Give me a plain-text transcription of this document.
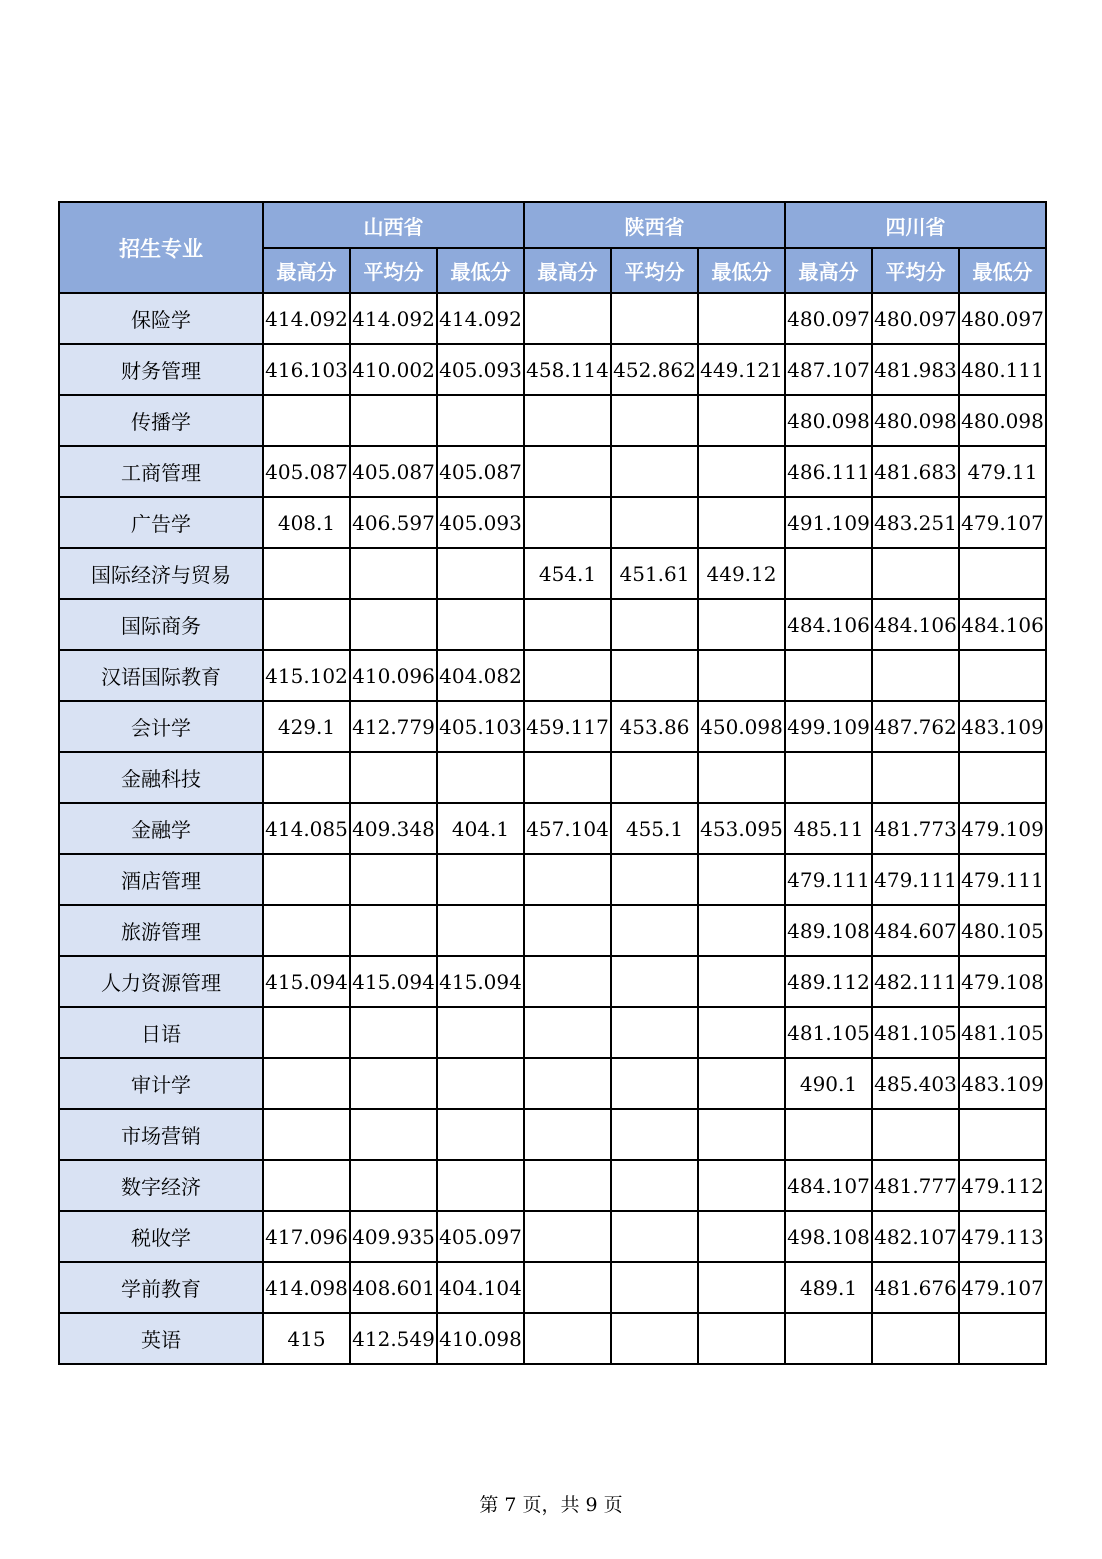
招生专业	山西省			陕西省			四川省		
	最高分	平均分	最低分	最高分	平均分	最低分	最高分	平均分	最低分
保险学	414.092	414.092	414.092				480.097	480.097	480.097
财务管理	416.103	410.002	405.093	458.114	452.862	449.121	487.107	481.983	480.111
传播学							480.098	480.098	480.098
工商管理	405.087	405.087	405.087				486.111	481.683	479.11
广告学	408.1	406.597	405.093				491.109	483.251	479.107
国际经济与贸易				454.1	451.61	449.12			
国际商务							484.106	484.106	484.106
汉语国际教育	415.102	410.096	404.082						
会计学	429.1	412.779	405.103	459.117	453.86	450.098	499.109	487.762	483.109
金融科技									
金融学	414.085	409.348	404.1	457.104	455.1	453.095	485.11	481.773	479.109
酒店管理							479.111	479.111	479.111
旅游管理							489.108	484.607	480.105
人力资源管理	415.094	415.094	415.094				489.112	482.111	479.108
日语							481.105	481.105	481.105
审计学							490.1	485.403	483.109
市场营销									
数字经济							484.107	481.777	479.112
税收学	417.096	409.935	405.097				498.108	482.107	479.113
学前教育	414.098	408.601	404.104				489.1	481.676	479.107
英语	415	412.549	410.098						
第 7 页，共 9 页
